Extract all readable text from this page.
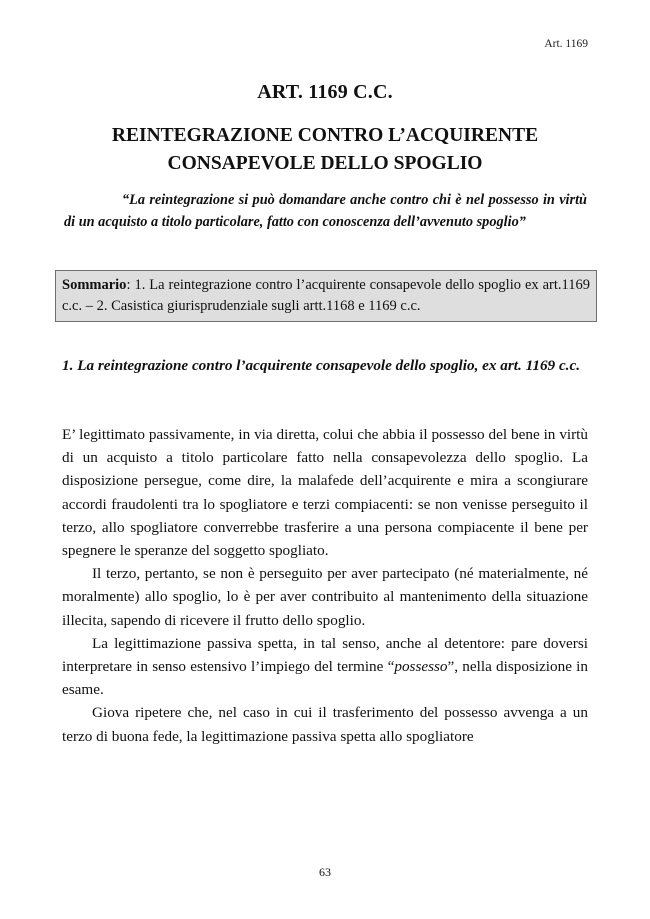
Art. 1169
ART. 1169 C.C.
REINTEGRAZIONE CONTRO L’ACQUIRENTE CONSAPEVOLE DELLO SPOGLIO
“La reintegrazione si può domandare anche contro chi è nel possesso in virtù di un acquisto a titolo particolare, fatto con conoscenza dell’avvenuto spoglio”
Sommario: 1. La reintegrazione contro l’acquirente consapevole dello spoglio ex art.1169 c.c. – 2. Casistica giurisprudenziale sugli artt.1168 e 1169 c.c.
1. La reintegrazione contro l’acquirente consapevole dello spoglio, ex art. 1169 c.c.

E’ legittimato passivamente, in via diretta, colui che abbia il possesso del bene in virtù di un acquisto a titolo particolare fatto nella consapevolezza dello spoglio. La disposizione persegue, come dire, la malafede dell’acquirente e mira a scongiurare accordi fraudolenti tra lo spogliatore e terzi compiacenti: se non venisse perseguito il terzo, allo spogliatore converrebbe trasferire a una persona compiacente il bene per spegnere le speranze del soggetto spogliato.

Il terzo, pertanto, se non è perseguito per aver partecipato (né materialmente, né moralmente) allo spoglio, lo è per aver contribuito al mantenimento della situazione illecita, sapendo di ricevere il frutto dello spoglio.

La legittimazione passiva spetta, in tal senso, anche al detentore: pare doversi interpretare in senso estensivo l’impiego del termine “possesso”, nella disposizione in esame.

Giova ripetere che, nel caso in cui il trasferimento del possesso avvenga a un terzo di buona fede, la legittimazione passiva spetta allo spogliatore

63
